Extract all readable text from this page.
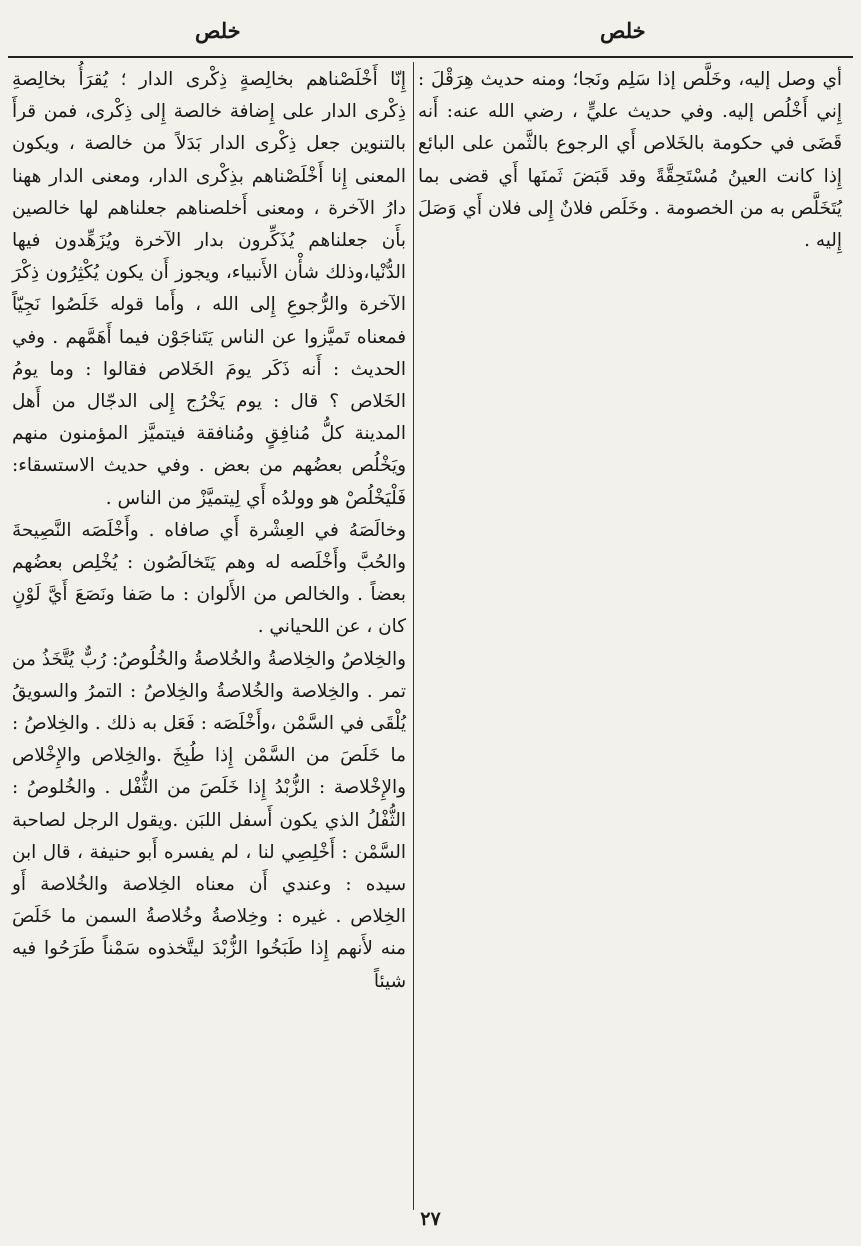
خلص
خلص

أي وصل إليه، وخَلَّص إذا سَلِم ونَجا؛ ومنه حديث هِرَقْلَ : إِني أَخْلُص إليه. وفي حديث عليٍّ ، رضي الله عنه: أَنه قَضَى في حكومة بالخَلاص أَي الرجوع بالثَّمن على البائع إِذا كانت العينُ مُسْتَحِقَّةً وقد قَبَضَ ثَمنَها أَي قضى بما يُتَخَلَّص به من الخصومة . وخَلَص فلانٌ إِلى فلان أَي وَصَلَ إِليه .

إِنّا أَخْلَصْناهم بخالِصةٍ ذِكْرى الدار ؛ يُقرَأُ بخالِصةِ ذِكْرى الدار على إِضافة خالصة إِلى ذِكْرى، فمن قرأَ بالتنوين جعل ذِكْرى الدار بَدَلاً من خالصة ، ويكون المعنى إِنا أَخْلَصْناهم بذِكْرى الدار، ومعنى الدار ههنا دارُ الآخرة ، ومعنى أَخلصناهم جعلناهم لها خالصين بأَن جعلناهم يُذَكِّرون بدار الآخرة ويُزَهِّدون فيها الدُّنْيا،وذلك شأْن الأَنبياء، ويجوز أَن يكون يُكْثِرُون ذِكْرَ الآخرة والرُّجوعِ إِلى الله ، وأَما قوله خَلَصُوا نَجِيّاً فمعناه تَميَّزوا عن الناس يَتَناجَوْن فيما أَهَمَّهم . وفي الحديث : أَنه ذَكَر يومَ الخَلاص فقالوا : وما يومُ الخَلاص ؟ قال : يوم يَخْرُج إِلى الدجّال من أَهل المدينة كلُّ مُنافِقٍ ومُنافقة فيتميَّز المؤمنون منهم ويَخْلُص بعضُهم من بعض . وفي حديث الاستسقاء: فَلْيَخْلُصْ هو وولدُه أَي لِيتميَّزْ من الناس .

وخالَصَهُ في العِشْرة أَي صافاه . وأَخْلَصَه النَّصِيحةَ والحُبَّ وأَخْلَصه له وهم يَتَخالَصُون : يُخْلِص بعضُهم بعضاً . والخالص من الأَلوان : ما صَفا ونَصَعَ أَيَّ لَوْنٍ كان ، عن اللحياني .

والخِلاصُ والخِلاصةُ والخُلاصةُ والخُلُوصُ: رُبٌّ يُتَّخَذُ من تمر . والخِلاصة والخُلاصةُ والخِلاصُ : التمرُ والسويقُ يُلْقَى في السَّمْن ،وأَخْلَصَه : فَعَل به ذلك . والخِلاصُ : ما خَلَصَ من السَّمْن إِذا طُبِخَ .والخِلاص والإِخْلاص والإِخْلاصة : الزُّبْدُ إِذا خَلَصَ من الثُّفْل . والخُلوصُ : الثُّفْلُ الذي يكون أَسفل اللبَن .ويقول الرجل لصاحبة السَّمْن : أَخْلِصِي لنا ، لم يفسره أَبو حنيفة ، قال ابن سيده : وعندي أَن معناه الخِلاصة والخُلاصة أَو الخِلاص . غيره : وخِلاصةُ وخُلاصةُ السمن ما خَلَصَ منه لأَنهم إِذا طَبَخُوا الزُّبْدَ ليتَّخذوه سَمْناً طَرَحُوا فيه شيئاً

٢٧
